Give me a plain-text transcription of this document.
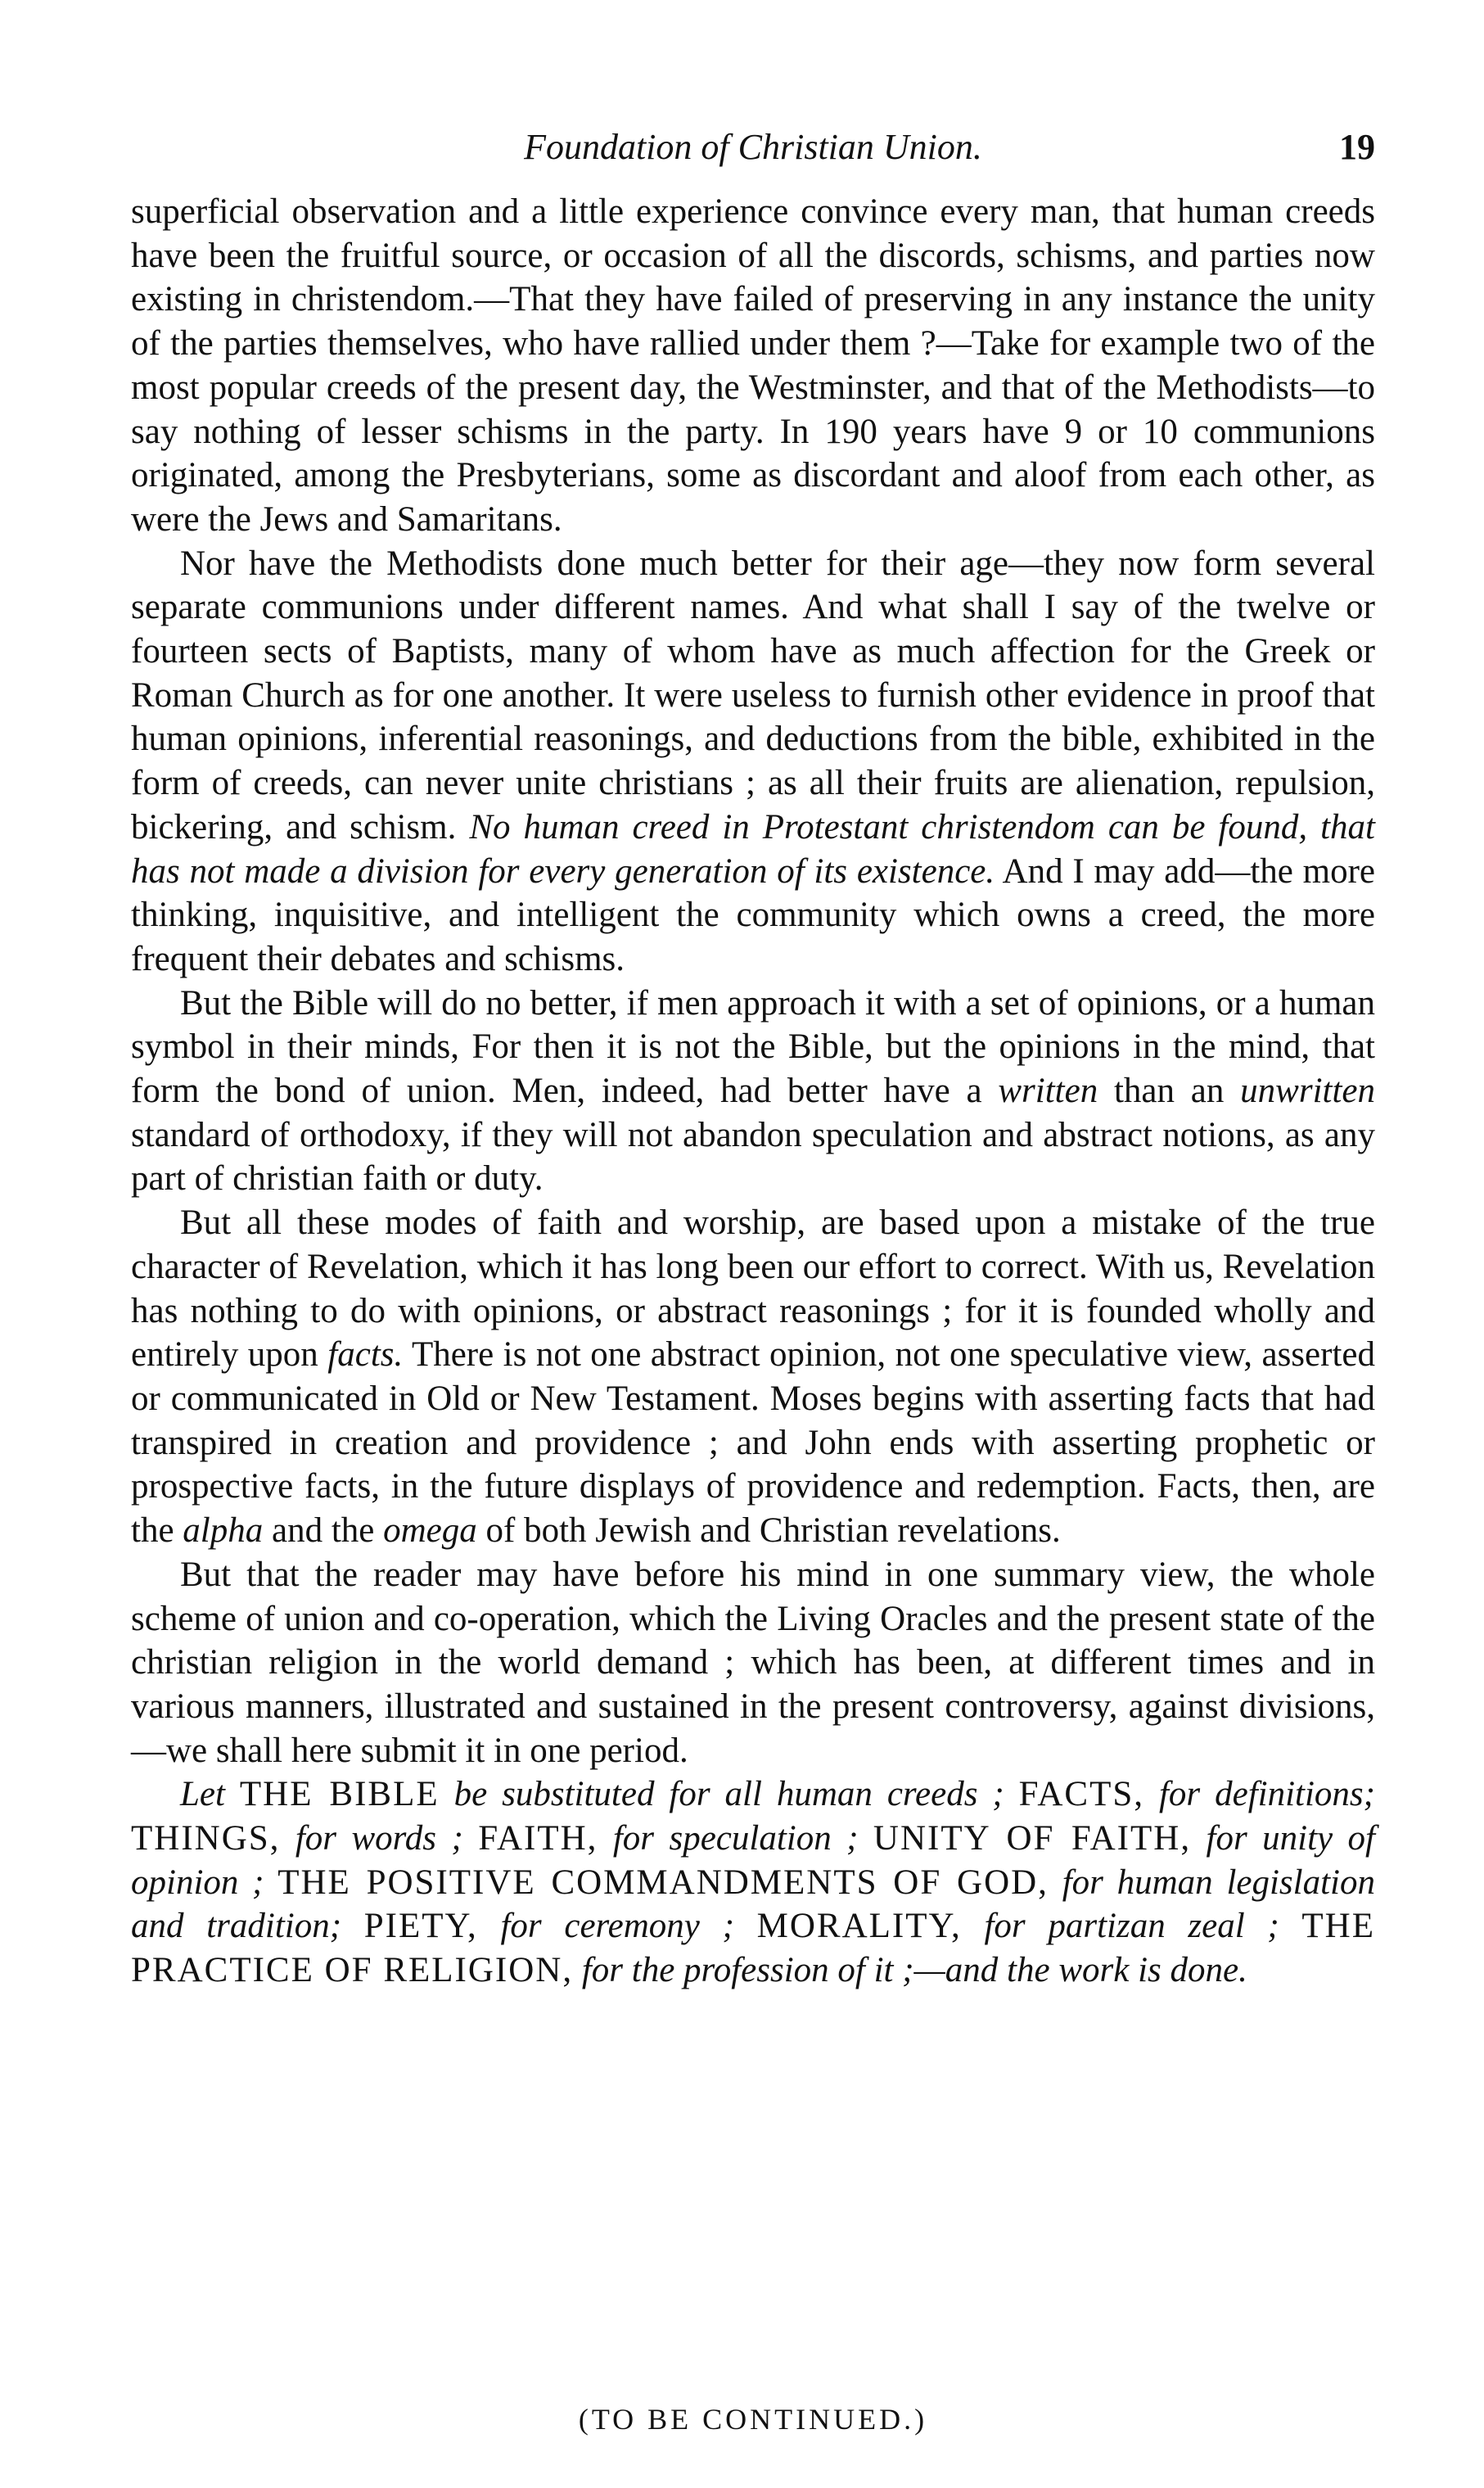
Foundation of Christian Union.	19

superficial observation and a little experience convince every man, that human creeds have been the fruitful source, or occasion of all the discords, schisms, and parties now existing in christendom.—That they have failed of preserving in any instance the unity of the parties themselves, who have rallied under them ?—Take for example two of the most popular creeds of the present day, the Westminster, and that of the Methodists—to say nothing of lesser schisms in the party. In 190 years have 9 or 10 communions originated, among the Presbyterians, some as discordant and aloof from each other, as were the Jews and Samaritans.

Nor have the Methodists done much better for their age—they now form several separate communions under different names. And what shall I say of the twelve or fourteen sects of Baptists, many of whom have as much affection for the Greek or Roman Church as for one another. It were useless to furnish other evidence in proof that human opinions, inferential reasonings, and deductions from the bible, exhibited in the form of creeds, can never unite christians ; as all their fruits are alienation, repulsion, bickering, and schism. No human creed in Protestant christendom can be found, that has not made a division for every generation of its existence. And I may add—the more thinking, inquisitive, and intelligent the community which owns a creed, the more frequent their debates and schisms.

But the Bible will do no better, if men approach it with a set of opinions, or a human symbol in their minds, For then it is not the Bible, but the opinions in the mind, that form the bond of union. Men, indeed, had better have a written than an unwritten standard of orthodoxy, if they will not abandon speculation and abstract notions, as any part of christian faith or duty.

But all these modes of faith and worship, are based upon a mistake of the true character of Revelation, which it has long been our effort to correct. With us, Revelation has nothing to do with opinions, or abstract reasonings ; for it is founded wholly and entirely upon facts. There is not one abstract opinion, not one speculative view, asserted or communicated in Old or New Testament. Moses begins with asserting facts that had transpired in creation and providence ; and John ends with asserting prophetic or prospective facts, in the future displays of providence and redemption. Facts, then, are the alpha and the omega of both Jewish and Christian revelations.

But that the reader may have before his mind in one summary view, the whole scheme of union and co-operation, which the Living Oracles and the present state of the christian religion in the world demand ; which has been, at different times and in various manners, illustrated and sustained in the present controversy, against divisions,—we shall here submit it in one period.

Let THE BIBLE be substituted for all human creeds ; FACTS, for definitions; THINGS, for words ; FAITH, for speculation ; UNITY OF FAITH, for unity of opinion ; THE POSITIVE COMMANDMENTS OF GOD, for human legislation and tradition; PIETY, for ceremony ; MORALITY, for partizan zeal ; THE PRACTICE OF RELIGION, for the profession of it ;—and the work is done.

(TO BE CONTINUED.)
